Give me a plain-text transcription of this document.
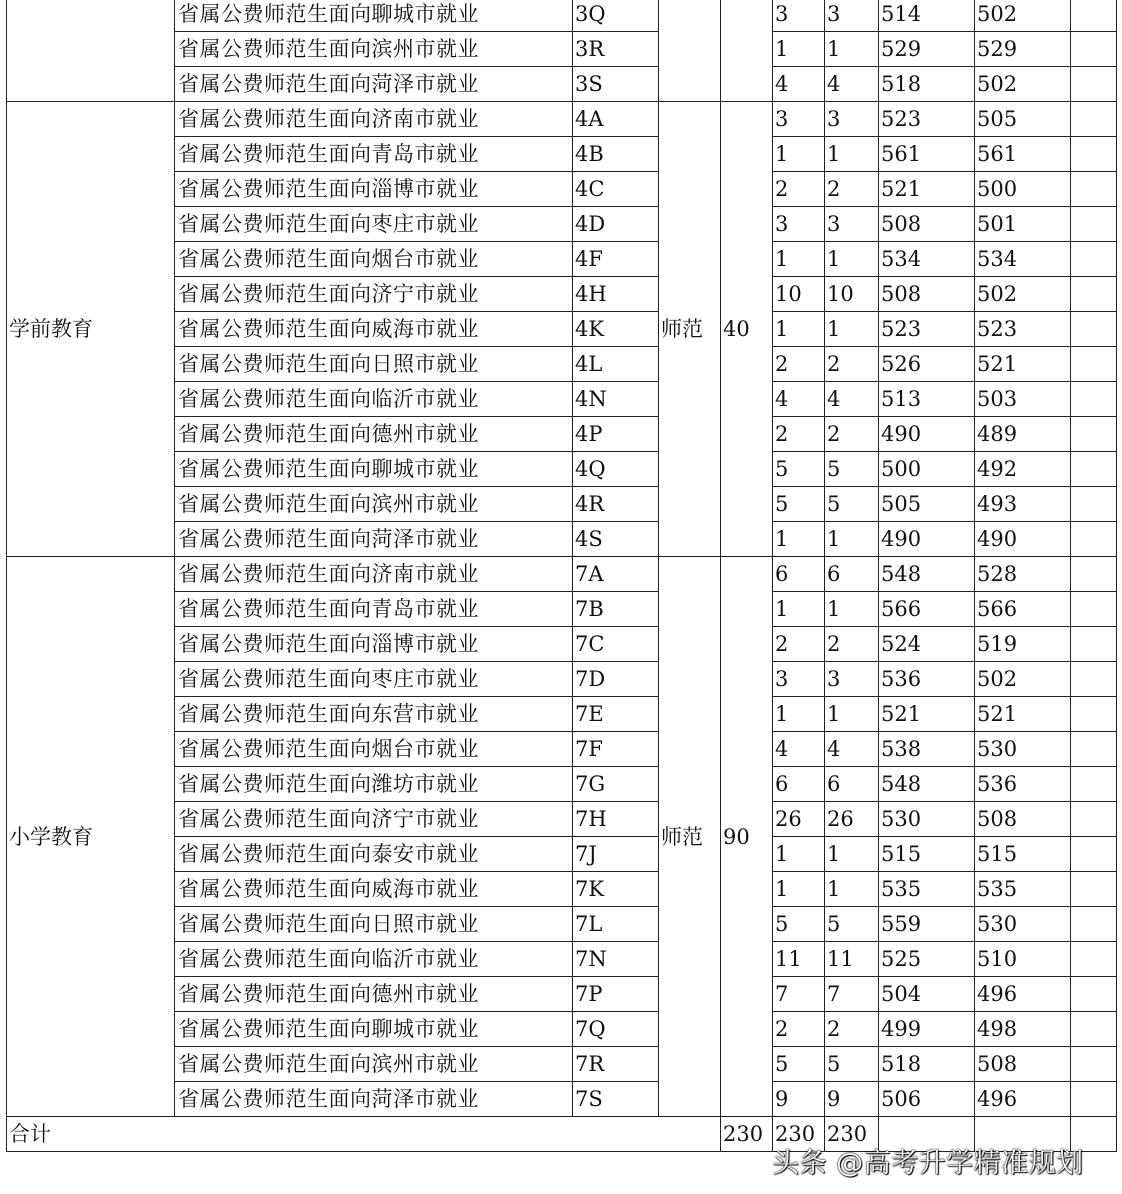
	省属公费师范生面向聊城市就业	3Q			3	3	514	502	
	省属公费师范生面向滨州市就业	3R			1	1	529	529	
	省属公费师范生面向菏泽市就业	3S			4	4	518	502	
学前教育	省属公费师范生面向济南市就业	4A	师范	40	3	3	523	505	
	省属公费师范生面向青岛市就业	4B			1	1	561	561	
	省属公费师范生面向淄博市就业	4C			2	2	521	500	
	省属公费师范生面向枣庄市就业	4D			3	3	508	501	
	省属公费师范生面向烟台市就业	4F			1	1	534	534	
	省属公费师范生面向济宁市就业	4H			10	10	508	502	
	省属公费师范生面向威海市就业	4K			1	1	523	523	
	省属公费师范生面向日照市就业	4L			2	2	526	521	
	省属公费师范生面向临沂市就业	4N			4	4	513	503	
	省属公费师范生面向德州市就业	4P			2	2	490	489	
	省属公费师范生面向聊城市就业	4Q			5	5	500	492	
	省属公费师范生面向滨州市就业	4R			5	5	505	493	
	省属公费师范生面向菏泽市就业	4S			1	1	490	490	
小学教育	省属公费师范生面向济南市就业	7A	师范	90	6	6	548	528	
	省属公费师范生面向青岛市就业	7B			1	1	566	566	
	省属公费师范生面向淄博市就业	7C			2	2	524	519	
	省属公费师范生面向枣庄市就业	7D			3	3	536	502	
	省属公费师范生面向东营市就业	7E			1	1	521	521	
	省属公费师范生面向烟台市就业	7F			4	4	538	530	
	省属公费师范生面向潍坊市就业	7G			6	6	548	536	
	省属公费师范生面向济宁市就业	7H			26	26	530	508	
	省属公费师范生面向泰安市就业	7J			1	1	515	515	
	省属公费师范生面向威海市就业	7K			1	1	535	535	
	省属公费师范生面向日照市就业	7L			5	5	559	530	
	省属公费师范生面向临沂市就业	7N			11	11	525	510	
	省属公费师范生面向德州市就业	7P			7	7	504	496	
	省属公费师范生面向聊城市就业	7Q			2	2	499	498	
	省属公费师范生面向滨州市就业	7R			5	5	518	508	
	省属公费师范生面向菏泽市就业	7S			9	9	506	496	
合计				230	230	230			
头条 @高考升学精准规划
